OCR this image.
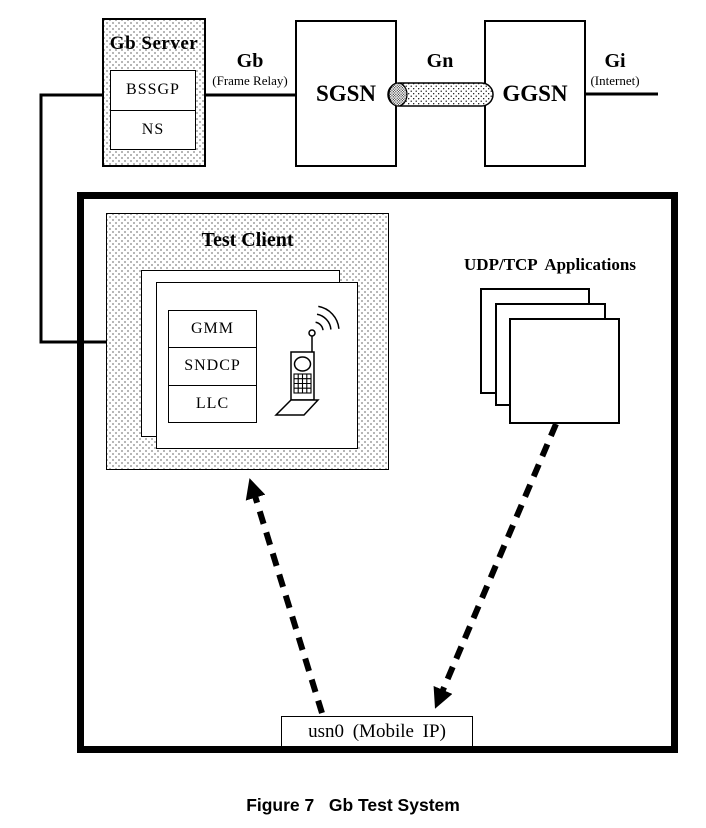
Gb Server
BSSGP
NS
Gb
(Frame Relay)	SGSN
Gn
GGSN
Gi
(Internet)
Test Client
GMM
SNDCP
LLC
UDP/TCP  Applications
usn0 (Mobile IP)
Figure 7   Gb Test System
